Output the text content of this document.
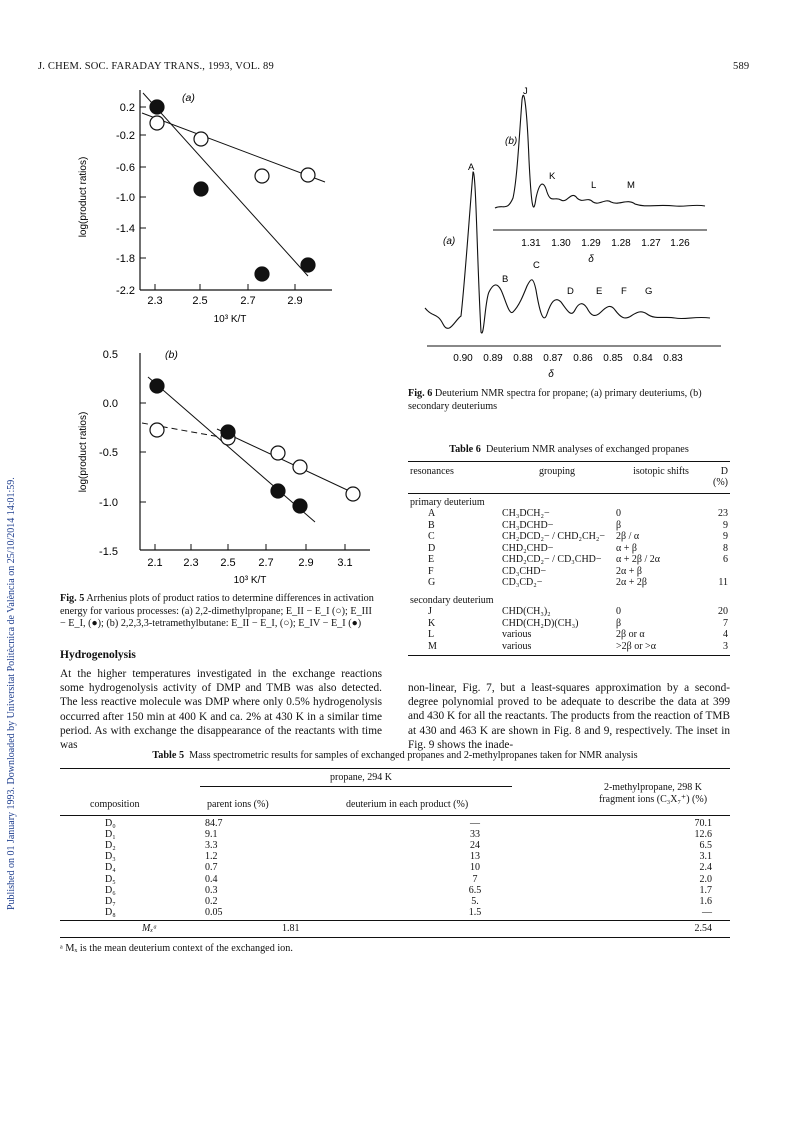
J. CHEM. SOC. FARADAY TRANS., 1993, VOL. 89	589
Published on 01 January 1993. Downloaded by Universitat Politècnica de València on 25/10/2014 14:01:59.
(a)
0.2
-0.2
-0.6
-1.0
-1.4
-1.8
-2.2
2.3	2.5	2.7	2.9
10³ K/T
log(product ratios)
(b)
0.5
0.0
-0.5
-1.0
-1.5
2.1 2.3 2.5 2.7 2.9 3.1
10³ K/T
log(product ratios)
Fig. 5 Arrhenius plots of product ratios to determine differences in activation energy for various processes: (a) 2,2-dimethylpropane; E_II − E_I (○); E_III − E_I, (●); (b) 2,2,3,3-tetramethylbutane: E_II − E_I, (○); E_IV − E_I (●)
J
K
L	M
A
B
C
D E F G
(b)
(a)	1.31 1.30 1.29 1.28 1.27 1.26
δ
0.90 0.89 0.88 0.87 0.86 0.85 0.84 0.83
δ
Fig. 6 Deuterium NMR spectra for propane; (a) primary deuteriums, (b) secondary deuteriums
Table 6 Deuterium NMR analyses of exchanged propanes
resonances	grouping	isotopic shifts	D (%)
primary deuterium			
A	CH₃DCH₂−	0	23
B	CH₃DCHD−	β	9
C	CH₂DCD₂− / CHD₂CH₂−	2β / α	9
D	CHD₂CHD−	α + β	8
E	CHD₂CD₂− / CD₃CHD−	α + 2β / 2α	6
F	CD₃CHD−	2α + β	
G	CD₃CD₂−	2α + 2β	11
secondary deuterium			
J	CHD(CH₃)₂	0	20
K	CHD(CH₂D)(CH₃)	β	7
L	various	2β or α	4
M	various	>2β or >α	3

Hydrogenolysis
At the higher temperatures investigated in the exchange reactions some hydrogenolysis activity of DMP and TMB was also detected. The less reactive molecule was DMP where only 0.5% hydrogenolysis occurred after 150 min at 400 K and ca. 2% at 430 K in a similar time period. As with exchange the disappearance of the reactants with time was
non-linear, Fig. 7, but a least-squares approximation by a second-degree polynomial proved to be adequate to describe the data at 399 and 430 K for all the reactants. The products from the reaction of TMB at 430 and 463 K are shown in Fig. 8 and 9, respectively. The inset in Fig. 9 shows the inade-
Table 5 Mass spectrometric results for samples of exchanged propanes and 2-methylpropanes taken for NMR analysis
propane, 294 K
2-methylpropane, 298 K
composition	parent ions (%)	deuterium in each product (%)	fragment ions (C₃X₇⁺) (%)
	D₀	84.7	—	70.1
	D₁	9.1	33	12.6
	D₂	3.3	24	6.5
	D₃	1.2	13	3.1
	D₄	0.7	10	2.4
	D₅	0.4	7	2.0
	D₆	0.3	6.5	1.7
	D₇	0.2	5.	1.6
	D₈	0.05	1.5	—
	Mₓᵃ	1.81		2.54
ᵃ Mₓ is the mean deuterium context of the exchanged ion.
